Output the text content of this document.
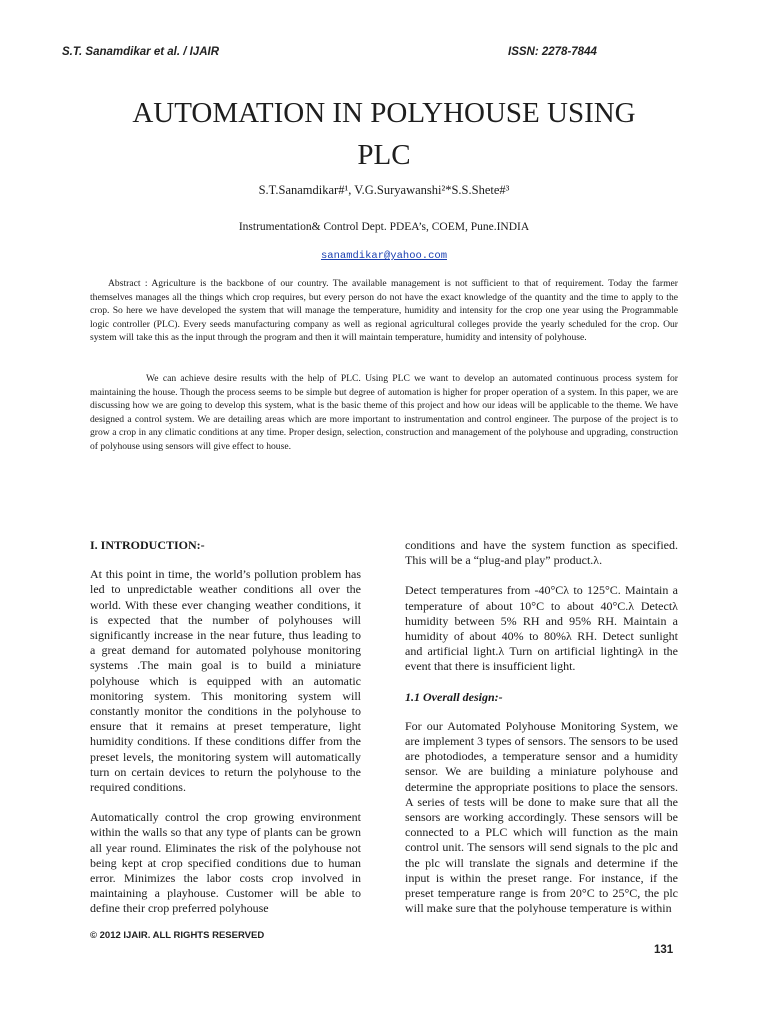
S.T. Sanamdikar et al. / IJAIR	ISSN: 2278-7844
AUTOMATION IN POLYHOUSE USING
PLC
S.T.Sanamdikar#¹, V.G.Suryawanshi²*S.S.Shete#³
Instrumentation& Control Dept. PDEA’s, COEM, Pune.INDIA
sanamdikar@yahoo.com
Abstract : Agriculture is the backbone of our country. The available management is not sufficient to that of requirement. Today the farmer themselves manages all the things which crop requires, but every person do not have the exact knowledge of the quantity and the time to apply to the crop. So here we have developed the system that will manage the temperature, humidity and intensity for the crop one year using the Programmable logic controller (PLC). Every seeds manufacturing company as well as regional agricultural colleges provide the yearly scheduled for the crop. Our system will take this as the input through the program and then it will maintain temperature, humidity and intensity of polyhouse.
We can achieve desire results with the help of PLC. Using PLC we want to develop an automated continuous process system for maintaining the house. Though the process seems to be simple but degree of automation is higher for proper operation of a system. In this paper, we are discussing how we are going to develop this system, what is the basic theme of this project and how our ideas will be applicable to the theme. We have designed a control system. We are detailing areas which are more important to instrumentation and control engineer. The purpose of the project is to grow a crop in any climatic conditions at any time. Proper design, selection, construction and management of the polyhouse and upgrading, construction of polyhouse using sensors will give effect to house.
I. INTRODUCTION:-

At this point in time, the world’s pollution problem has led to unpredictable weather conditions all over the world. With these ever changing weather conditions, it is expected that the number of polyhouses will significantly increase in the near future, thus leading to a great demand for automated polyhouse monitoring systems .The main goal is to build a miniature polyhouse which is equipped with an automatic monitoring system. This monitoring system will constantly monitor the conditions in the polyhouse to ensure that it remains at preset temperature, light humidity conditions. If these conditions differ from the preset levels, the monitoring system will automatically turn on certain devices to return the polyhouse to the required conditions.

Automatically control the crop growing environment within the walls so that any type of plants can be grown all year round. Eliminates the risk of the polyhouse not being kept at crop specified conditions due to human error. Minimizes the labor costs crop involved in maintaining a playhouse. Customer will be able to define their crop preferred polyhouse

conditions and have the system function as specified. This will be a “plug-and play” product.λ.

Detect temperatures from -40°Cλ to 125°C. Maintain a temperature of about 10°C to about 40°C.λ Detectλ humidity between 5% RH and 95% RH. Maintain a humidity of about 40% to 80%λ RH. Detect sunlight and artificial light.λ Turn on artificial lightingλ in the event that there is insufficient light.

1.1 Overall design:-

For our Automated Polyhouse Monitoring System, we are implement 3 types of sensors. The sensors to be used are photodiodes, a temperature sensor and a humidity sensor. We are building a miniature polyhouse and determine the appropriate positions to place the sensors. A series of tests will be done to make sure that all the sensors are working accordingly. These sensors will be connected to a PLC which will function as the main control unit. The sensors will send signals to the plc and the plc will translate the signals and determine if the input is within the preset range. For instance, if the preset temperature range is from 20°C to 25°C, the plc will make sure that the polyhouse temperature is within

© 2012 IJAIR. ALL RIGHTS RESERVED
131
